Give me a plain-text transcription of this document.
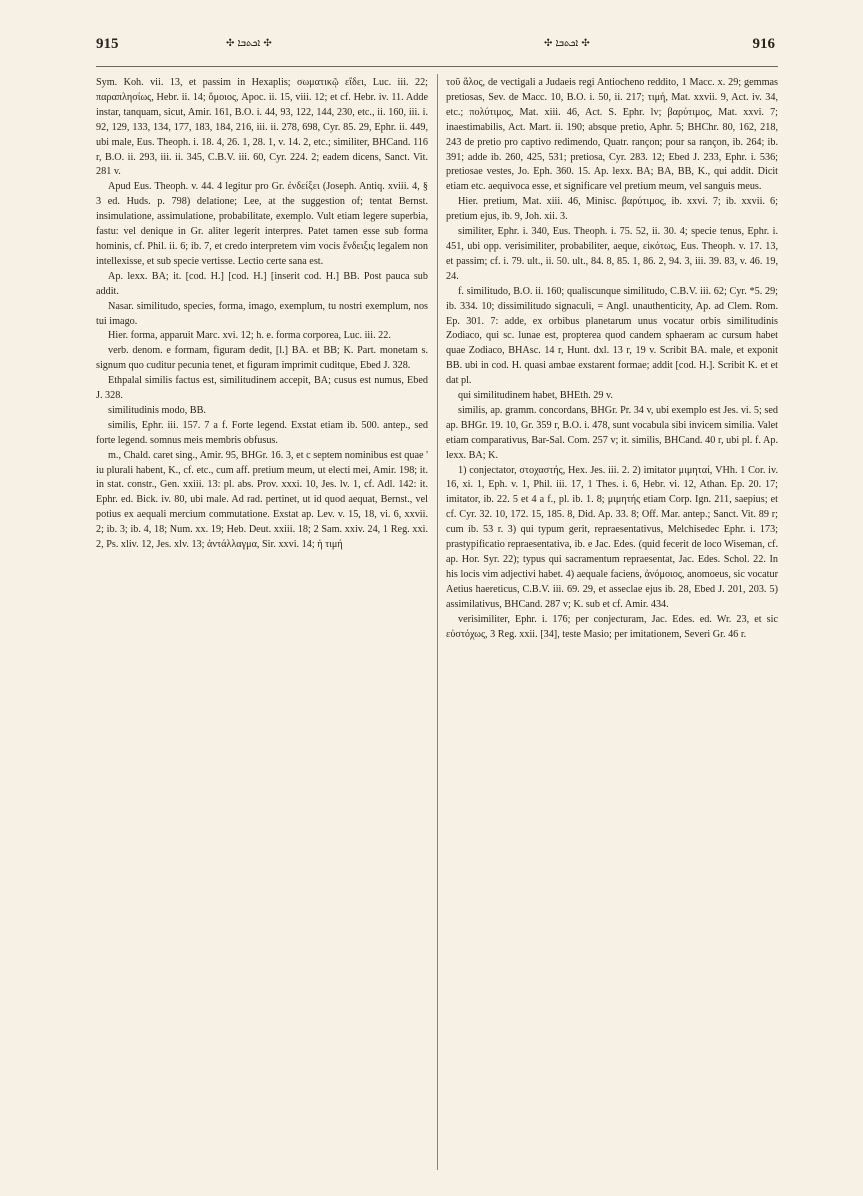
915	✣ ܐܟܬܒܐ ✣	✣ ܐܟܬܒܐ ✣	916

Sym. Koh. vii. 13, et passim in Hexaplis; σωματικῷ εἴδει, Luc. iii. 22; παραπλησίως, Hebr. ii. 14; ὅμοιος, Apoc. ii. 15, viii. 12; et cf. Hebr. iv. 11. Adde instar, tanquam, sicut, Amir. 161, B.O. i. 44, 93, 122, 144, 230, etc., ii. 160, iii. i. 92, 129, 133, 134, 177, 183, 184, 216, iii. ii. 278, 698, Cyr. 85. 29, Ephr. ii. 449, ubi male, Eus. Theoph. i. 18. 4, 26. 1, 28. 1, v. 14. 2, etc.; similiter, BHCand. 116 r, B.O. ii. 293, iii. ii. 345, C.B.V. iii. 60, Cyr. 224. 2; eadem dicens, Sanct. Vit. 281 v.

Apud Eus. Theoph. v. 44. 4 legitur pro Gr. ἐνδείξει (Joseph. Antiq. xviii. 4, § 3 ed. Huds. p. 798) delatione; Lee, at the suggestion of; tentat Bernst. insimulatione, assimulatione, probabilitate, exemplo. Vult etiam legere superbia, fastu: vel denique in Gr. aliter legerit interpres. Patet tamen esse sub forma hominis, cf. Phil. ii. 6; ib. 7, et credo interpretem vim vocis ἔνδειξις legalem non intellexisse, et sub specie vertisse. Lectio certe sana est.

Ap. lexx. BA; it. [cod. H.] [cod. H.] [inserit cod. H.] BB. Post pauca sub addit.

Nasar. similitudo, species, forma, imago, exemplum, tu nostri exemplum, nos tui imago.

Hier. forma, apparuit Marc. xvi. 12; h. e. forma corporea, Luc. iii. 22.

verb. denom. e formam, figuram dedit, [l.] BA. et BB; K. Part. monetam s. signum quo cuditur pecunia tenet, et figuram imprimit cuditque, Ebed J. 328.

Ethpalal similis factus est, similitudinem accepit, BA; cusus est numus, Ebed J. 328.

similitudinis modo, BB.

similis, Ephr. iii. 157. 7 a f. Forte legend. Exstat etiam ib. 500. antep., sed forte legend. somnus meis membris obfusus.

m., Chald. caret sing., Amir. 95, BHGr. 16. 3, et c septem nominibus est quae ' iu plurali habent, K., cf. etc., cum aff. pretium meum, ut electi mei, Amir. 198; it. in stat. constr., Gen. xxiii. 13: pl. abs. Prov. xxxi. 10, Jes. lv. 1, cf. Adl. 142: it. Ephr. ed. Bick. iv. 80, ubi male. Ad rad. pertinet, ut id quod aequat, Bernst., vel potius ex aequali mercium commutatione. Exstat ap. Lev. v. 15, 18, vi. 6, xxvii. 2; ib. 3; ib. 4, 18; Num. xx. 19; Heb. Deut. xxiii. 18; 2 Sam. xxiv. 24, 1 Reg. xxi. 2, Ps. xliv. 12, Jes. xlv. 13; ἀντάλλαγμα, Sir. xxvi. 14; ἡ τιμή

τοῦ ἅλος, de vectigali a Judaeis regi Antiocheno reddito, 1 Macc. x. 29; gemmas pretiosas, Sev. de Macc. 10, B.O. i. 50, ii. 217; τιμή, Mat. xxvii. 9, Act. iv. 34, etc.; πολύτιμος, Mat. xiii. 46, Act. S. Ephr. lv; βαρύτιμος, Mat. xxvi. 7; inaestimabilis, Act. Mart. ii. 190; absque pretio, Aphr. 5; BHChr. 80, 162, 218, 243 de pretio pro captivo redimendo, Quatr. rançon; pour sa rançon, ib. 264; ib. 391; adde ib. 260, 425, 531; pretiosa, Cyr. 283. 12; Ebed J. 233, Ephr. i. 536; pretiosae vestes, Jo. Eph. 360. 15. Ap. lexx. BA; BA, BB, K., qui addit. Dicit etiam etc. aequivoca esse, et significare vel pretium meum, vel sanguis meus.

Hier. pretium, Mat. xiii. 46, Minisc. βαρύτιμος, ib. xxvi. 7; ib. xxvii. 6; pretium ejus, ib. 9, Joh. xii. 3.

similiter, Ephr. i. 340, Eus. Theoph. i. 75. 52, ii. 30. 4; specie tenus, Ephr. i. 451, ubi opp. verisimiliter, probabiliter, aeque, εἰκότως, Eus. Theoph. v. 17. 13, et passim; cf. i. 79. ult., ii. 50. ult., 84. 8, 85. 1, 86. 2, 94. 3, iii. 39. 83, v. 46. 19, 24.

f. similitudo, B.O. ii. 160; qualiscunque similitudo, C.B.V. iii. 62; Cyr. *5. 29; ib. 334. 10; dissimilitudo signaculi, = Angl. unauthenticity, Ap. ad Clem. Rom. Ep. 301. 7: adde, ex orbibus planetarum unus vocatur orbis similitudinis Zodiaco, qui sc. lunae est, propterea quod candem sphaeram ac cursum habet quae Zodiaco, BHAsc. 14 r, Hunt. dxl. 13 r, 19 v. Scribit BA. male, et exponit BB. ubi in cod. H. quasi ambae exstarent formae; addit [cod. H.]. Scribit K. et et dat pl.

qui similitudinem habet, BHEth. 29 v.

similis, ap. gramm. concordans, BHGr. Pr. 34 v, ubi exemplo est Jes. vi. 5; sed ap. BHGr. 19. 10, Gr. 359 r, B.O. i. 478, sunt vocabula sibi invicem similia. Valet etiam comparativus, Bar-Sal. Com. 257 v; it. similis, BHCand. 40 r, ubi pl. f. Ap. lexx. BA; K.

1) conjectator, στοχαστής, Hex. Jes. iii. 2. 2) imitator μιμηταί, VHh. 1 Cor. iv. 16, xi. 1, Eph. v. 1, Phil. iii. 17, 1 Thes. i. 6, Hebr. vi. 12, Athan. Ep. 20. 17; imitator, ib. 22. 5 et 4 a f., pl. ib. 1. 8; μιμητής etiam Corp. Ign. 211, saepius; et cf. Cyr. 32. 10, 172. 15, 185. 8, Did. Ap. 33. 8; Off. Mar. antep.; Sanct. Vit. 89 r; cum ib. 53 r. 3) qui typum gerit, repraesentativus, Melchisedec Ephr. i. 173; prastypificatio repraesentativa, ib. e Jac. Edes. (quid fecerit de loco Wiseman, cf. ap. Hor. Syr. 22); typus qui sacramentum repraesentat, Jac. Edes. Schol. 22. In his locis vim adjectivi habet. 4) aequale faciens, ἀνόμοιος, anomoeus, sic vocatur Aetius haereticus, C.B.V. iii. 69. 29, et asseclae ejus ib. 28, Ebed J. 201, 203. 5) assimilativus, BHCand. 287 v; K. sub et cf. Amir. 434.

verisimiliter, Ephr. i. 176; per conjecturam, Jac. Edes. ed. Wr. 23, et sic εὐστόχως, 3 Reg. xxii. [34], teste Masio; per imitationem, Severi Gr. 46 r.
